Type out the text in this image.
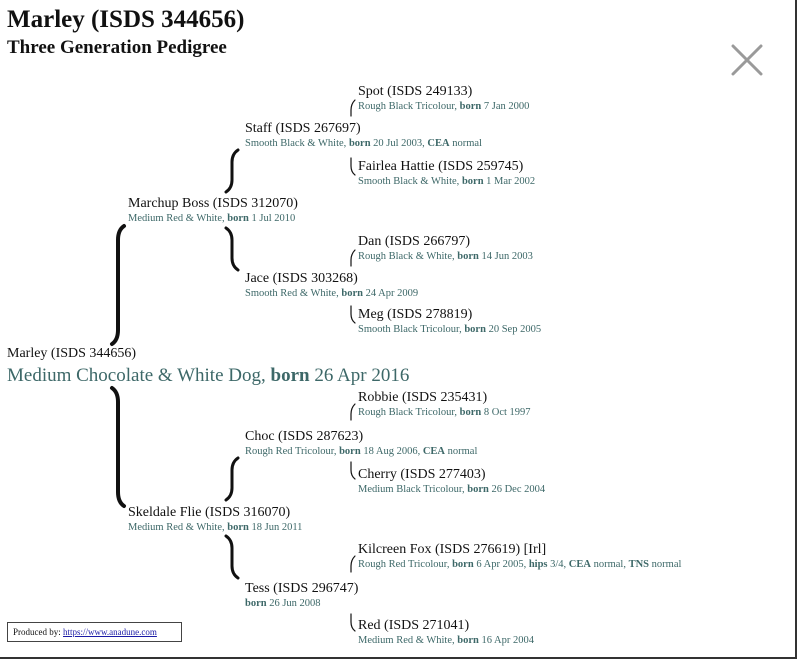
Marley (ISDS 344656)
Three Generation Pedigree
Spot (ISDS 249133)
Rough Black Tricolour, born 7 Jan 2000
Staff (ISDS 267697)
Smooth Black & White, born 20 Jul 2003, CEA normal
Fairlea Hattie (ISDS 259745)
Smooth Black & White, born 1 Mar 2002
Marchup Boss (ISDS 312070)
Medium Red & White, born 1 Jul 2010
Dan (ISDS 266797)
Rough Black & White, born 14 Jun 2003
Jace (ISDS 303268)
Smooth Red & White, born 24 Apr 2009
Meg (ISDS 278819)
Smooth Black Tricolour, born 20 Sep 2005
Marley (ISDS 344656)
Medium Chocolate & White Dog, born 26 Apr 2016
Robbie (ISDS 235431)
Rough Black Tricolour, born 8 Oct 1997
Choc (ISDS 287623)
Rough Red Tricolour, born 18 Aug 2006, CEA normal
Cherry (ISDS 277403)
Medium Black Tricolour, born 26 Dec 2004
Skeldale Flie (ISDS 316070)
Medium Red & White, born 18 Jun 2011
Kilcreen Fox (ISDS 276619) [Irl]
Rough Red Tricolour, born 6 Apr 2005, hips 3/4, CEA normal, TNS normal
Tess (ISDS 296747)
born 26 Jun 2008
Red (ISDS 271041)
Medium Red & White, born 16 Apr 2004
Produced by: https://www.anadune.com
